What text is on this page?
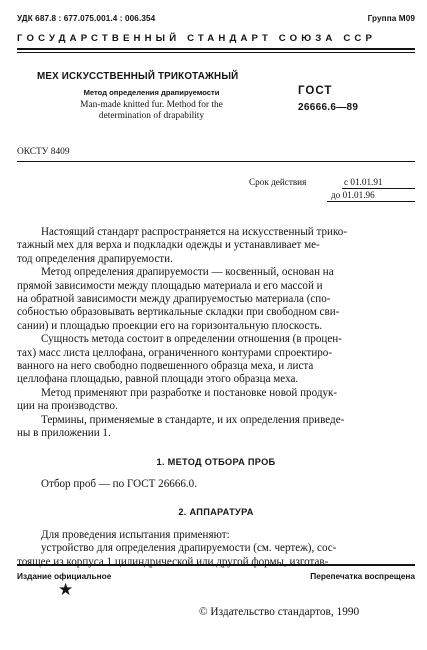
УДК 687.8 : 677.075.001.4 : 006.354	Группа М09
ГОСУДАРСТВЕННЫЙ СТАНДАРТ СОЮЗА ССР
МЕХ ИСКУССТВЕННЫЙ ТРИКОТАЖНЫЙ
Метод определения драпируемости
Man-made knitted fur. Method for the
determination of drapability
ГОСТ
26666.6—89
ОКСТУ 8409
Срок действия	с 01.01.91
до 01.01.96

Настоящий стандарт распространяется на искусственный трико-
тажный мех для верха и подкладки одежды и устанавливает ме-
тод определения драпируемости.

Метод определения драпируемости — косвенный, основан на
прямой зависимости между площадью материала и его массой и
на обратной зависимости между драпируемостью материала (спо-
собностью образовывать вертикальные складки при свободном сви-
сании) и площадью проекции его на горизонтальную плоскость.

Сущность метода состоит в определении отношения (в процен-
тах) масс листа целлофана, ограниченного контурами спроектиро-
ванного на него свободно подвешенного образца меха, и листа
целлофана площадью, равной площади этого образца меха.

Метод применяют при разработке и постановке новой продук-
ции на производство.

Термины, применяемые в стандарте, и их определения приведе-
ны в приложении 1.

1. МЕТОД ОТБОРА ПРОБ

Отбор проб — по ГОСТ 26666.0.

2. АППАРАТУРА

Для проведения испытания применяют:

устройство для определения драпируемости (см. чертеж), сос-
тоящее из корпуса 1 цилиндрической или другой формы, изготав-

Издание официальное	Перепечатка воспрещена
★
© Издательство стандартов, 1990
